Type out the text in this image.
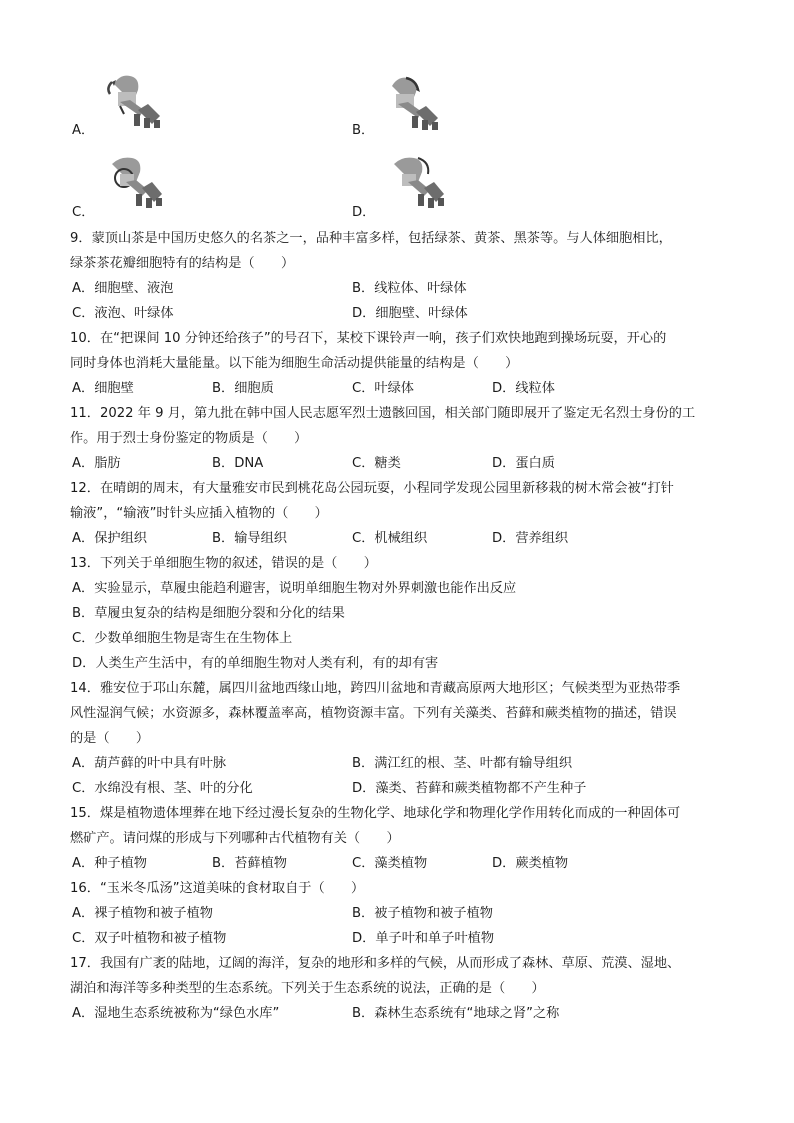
A．	B．
C．	D．
9．蒙顶山茶是中国历史悠久的名茶之一，品种丰富多样，包括绿茶、黄茶、黑茶等。与人体细胞相比，
绿茶茶花瓣细胞特有的结构是（　　）
A．细胞壁、液泡	B．线粒体、叶绿体
C．液泡、叶绿体	D．细胞壁、叶绿体
10．在“把课间 10 分钟还给孩子”的号召下，某校下课铃声一响，孩子们欢快地跑到操场玩耍，开心的
同时身体也消耗大量能量。以下能为细胞生命活动提供能量的结构是（　　）
A．细胞壁	B．细胞质	C．叶绿体	D．线粒体
11．2022 年 9 月，第九批在韩中国人民志愿军烈士遗骸回国，相关部门随即展开了鉴定无名烈士身份的工
作。用于烈士身份鉴定的物质是（　　）
A．脂肪	B．DNA	C．糖类	D．蛋白质
12．在晴朗的周末，有大量雅安市民到桃花岛公园玩耍，小程同学发现公园里新移栽的树木常会被“打针
输液”，“输液”时针头应插入植物的（　　）
A．保护组织	B．输导组织	C．机械组织	D．营养组织
13．下列关于单细胞生物的叙述，错误的是（　　）
A．实验显示，草履虫能趋利避害，说明单细胞生物对外界刺激也能作出反应
B．草履虫复杂的结构是细胞分裂和分化的结果
C．少数单细胞生物是寄生在生物体上
D．人类生产生活中，有的单细胞生物对人类有利，有的却有害
14．雅安位于邛山东麓，属四川盆地西缘山地，跨四川盆地和青藏高原两大地形区；气候类型为亚热带季
风性湿润气候；水资源多，森林覆盖率高，植物资源丰富。下列有关藻类、苔藓和蕨类植物的描述，错误
的是（　　）
A．葫芦藓的叶中具有叶脉	B．满江红的根、茎、叶都有输导组织
C．水绵没有根、茎、叶的分化	D．藻类、苔藓和蕨类植物都不产生种子
15．煤是植物遗体埋葬在地下经过漫长复杂的生物化学、地球化学和物理化学作用转化而成的一种固体可
燃矿产。请问煤的形成与下列哪种古代植物有关（　　）
A．种子植物	B．苔藓植物	C．藻类植物	D．蕨类植物
16．“玉米冬瓜汤”这道美味的食材取自于（　　）
A．裸子植物和被子植物	B．被子植物和被子植物
C．双子叶植物和被子植物	D．单子叶和单子叶植物
17．我国有广袤的陆地，辽阔的海洋，复杂的地形和多样的气候，从而形成了森林、草原、荒漠、湿地、
湖泊和海洋等多种类型的生态系统。下列关于生态系统的说法，正确的是（　　）
A．湿地生态系统被称为“绿色水库”	B．森林生态系统有“地球之肾”之称
